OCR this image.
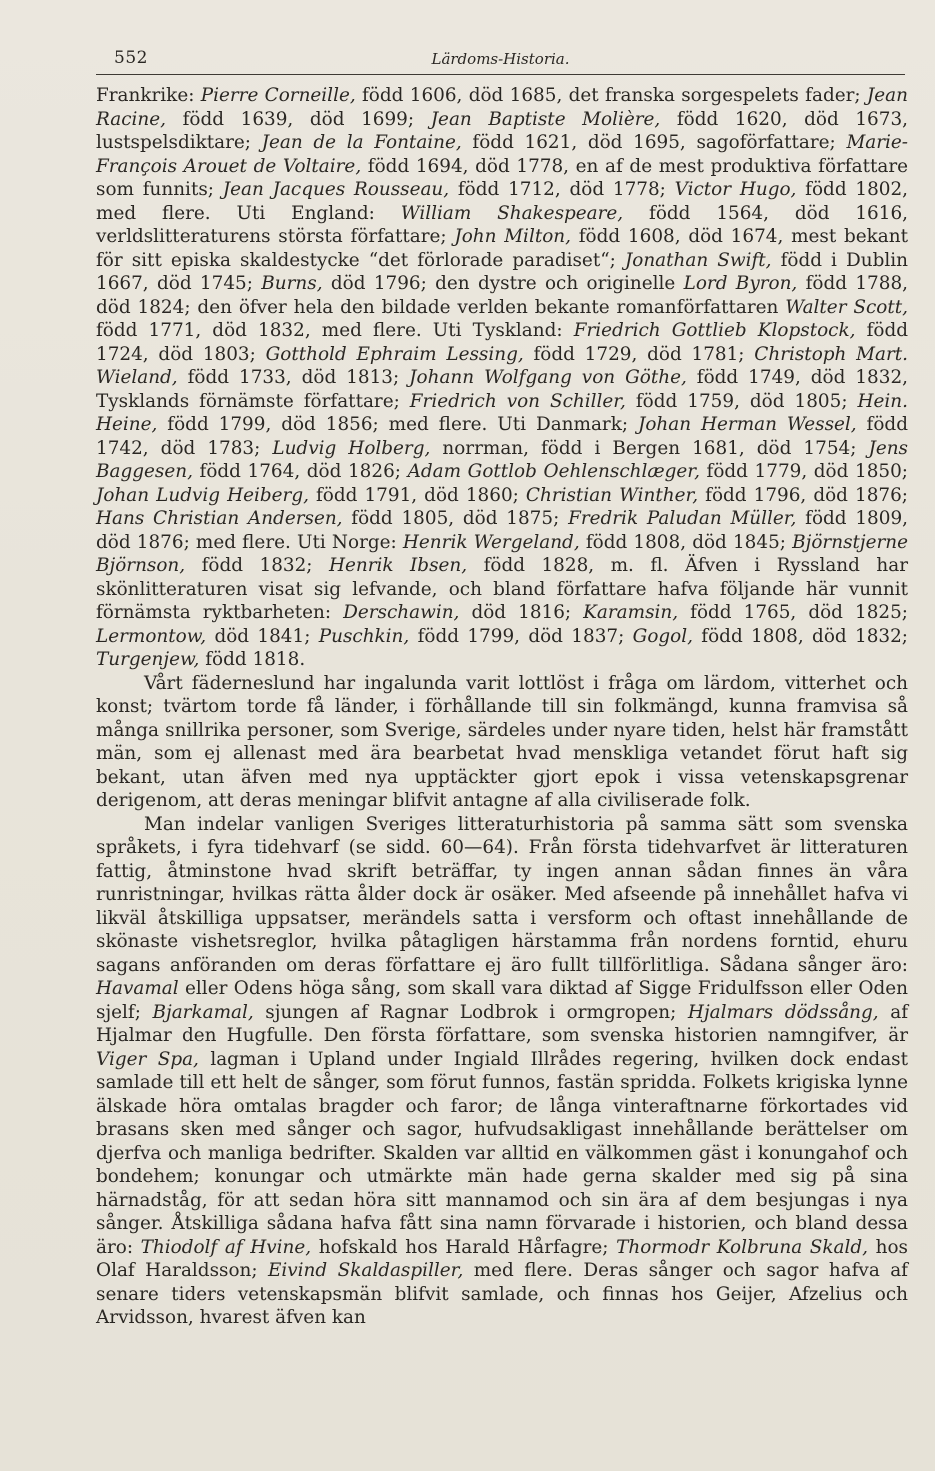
552	Lärdoms-Historia.

Frankrike: Pierre Corneille, född 1606, död 1685, det franska sorgespelets fader; Jean Racine, född 1639, död 1699; Jean Baptiste Molière, född 1620, död 1673, lustspelsdiktare; Jean de la Fontaine, född 1621, död 1695, sagoförfattare; Marie-François Arouet de Voltaire, född 1694, död 1778, en af de mest produktiva författare som funnits; Jean Jacques Rousseau, född 1712, död 1778; Victor Hugo, född 1802, med flere. Uti England: William Shakespeare, född 1564, död 1616, verldslitteraturens största författare; John Milton, född 1608, död 1674, mest bekant för sitt episka skaldestycke “det förlorade paradiset“; Jonathan Swift, född i Dublin 1667, död 1745; Burns, död 1796; den dystre och originelle Lord Byron, född 1788, död 1824; den öfver hela den bildade verlden bekante romanförfattaren Walter Scott, född 1771, död 1832, med flere. Uti Tyskland: Friedrich Gottlieb Klopstock, född 1724, död 1803; Gotthold Ephraim Lessing, född 1729, död 1781; Christoph Mart. Wieland, född 1733, död 1813; Johann Wolfgang von Göthe, född 1749, död 1832, Tysklands förnämste författare; Friedrich von Schiller, född 1759, död 1805; Hein. Heine, född 1799, död 1856; med flere. Uti Danmark; Johan Herman Wessel, född 1742, död 1783; Ludvig Holberg, norrman, född i Bergen 1681, död 1754; Jens Baggesen, född 1764, död 1826; Adam Gottlob Oehlenschlæger, född 1779, död 1850; Johan Ludvig Heiberg, född 1791, död 1860; Christian Winther, född 1796, död 1876; Hans Christian Andersen, född 1805, död 1875; Fredrik Paludan Müller, född 1809, död 1876; med flere. Uti Norge: Henrik Wergeland, född 1808, död 1845; Björnstjerne Björnson, född 1832; Henrik Ibsen, född 1828, m. fl. Äfven i Ryssland har skönlitteraturen visat sig lefvande, och bland författare hafva följande här vunnit förnämsta ryktbarheten: Derschawin, död 1816; Karamsin, född 1765, död 1825; Lermontow, död 1841; Puschkin, född 1799, död 1837; Gogol, född 1808, död 1832; Turgenjew, född 1818.

Vårt fäderneslund har ingalunda varit lottlöst i fråga om lärdom, vitterhet och konst; tvärtom torde få länder, i förhållande till sin folkmängd, kunna framvisa så många snillrika personer, som Sverige, särdeles under nyare tiden, helst här framstått män, som ej allenast med ära bearbetat hvad menskliga vetandet förut haft sig bekant, utan äfven med nya upptäckter gjort epok i vissa vetenskapsgrenar derigenom, att deras meningar blifvit antagne af alla civiliserade folk.

Man indelar vanligen Sveriges litteraturhistoria på samma sätt som svenska språkets, i fyra tidehvarf (se sidd. 60—64). Från första tidehvarfvet är litteraturen fattig, åtminstone hvad skrift beträffar, ty ingen annan sådan finnes än våra runristningar, hvilkas rätta ålder dock är osäker. Med afseende på innehållet hafva vi likväl åtskilliga uppsatser, merändels satta i versform och oftast innehållande de skönaste vishetsreglor, hvilka påtagligen härstamma från nordens forntid, ehuru sagans anföranden om deras författare ej äro fullt tillförlitliga. Sådana sånger äro: Havamal eller Odens höga sång, som skall vara diktad af Sigge Fridulfsson eller Oden sjelf; Bjarkamal, sjungen af Ragnar Lodbrok i ormgropen; Hjalmars dödssång, af Hjalmar den Hugfulle. Den första författare, som svenska historien namngifver, är Viger Spa, lagman i Upland under Ingiald Illrådes regering, hvilken dock endast samlade till ett helt de sånger, som förut funnos, fastän spridda. Folkets krigiska lynne älskade höra omtalas bragder och faror; de långa vinteraftnarne förkortades vid brasans sken med sånger och sagor, hufvudsakligast innehållande berättelser om djerfva och manliga bedrifter. Skalden var alltid en välkommen gäst i konungahof och bondehem; konungar och utmärkte män hade gerna skalder med sig på sina härnadståg, för att sedan höra sitt mannamod och sin ära af dem besjungas i nya sånger. Åtskilliga sådana hafva fått sina namn förvarade i historien, och bland dessa äro: Thiodolf af Hvine, hofskald hos Harald Hårfagre; Thormodr Kolbruna Skald, hos Olaf Haraldsson; Eivind Skaldaspiller, med flere. Deras sånger och sagor hafva af senare tiders vetenskapsmän blifvit samlade, och finnas hos Geijer, Afzelius och Arvidsson, hvarest äfven kan
